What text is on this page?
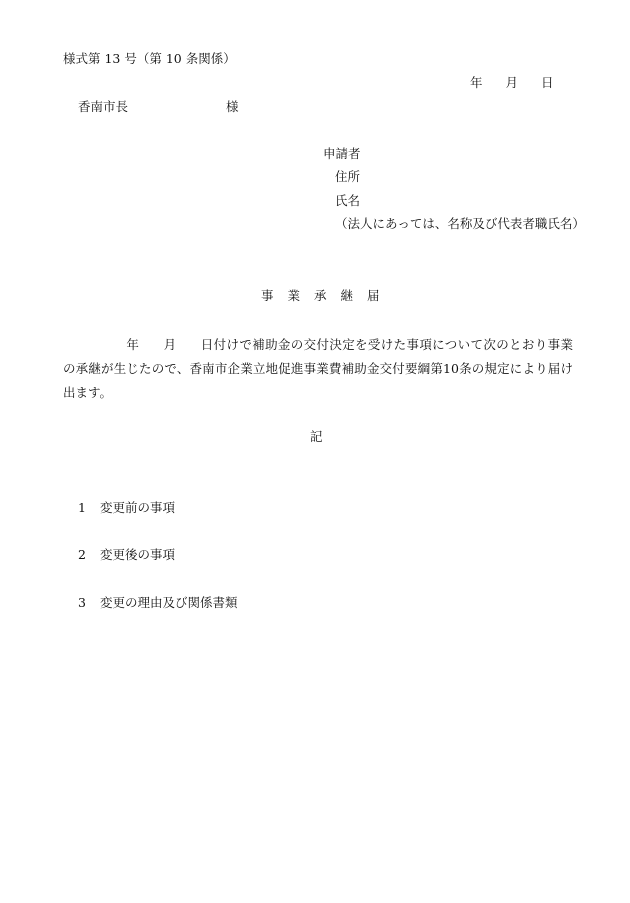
様式第 13 号（第 10 条関係）
年 月 日
香南市長	様
申請者
住所
氏名
（法人にあっては、名称及び代表者職氏名）
事業承継届
年 月 日付けで補助金の交付決定を受けた事項について次のとおり事業の承継が生じたので、香南市企業立地促進事業費補助金交付要綱第10条の規定により届け出ます。
記
1 変更前の事項
2 変更後の事項
3 変更の理由及び関係書類
